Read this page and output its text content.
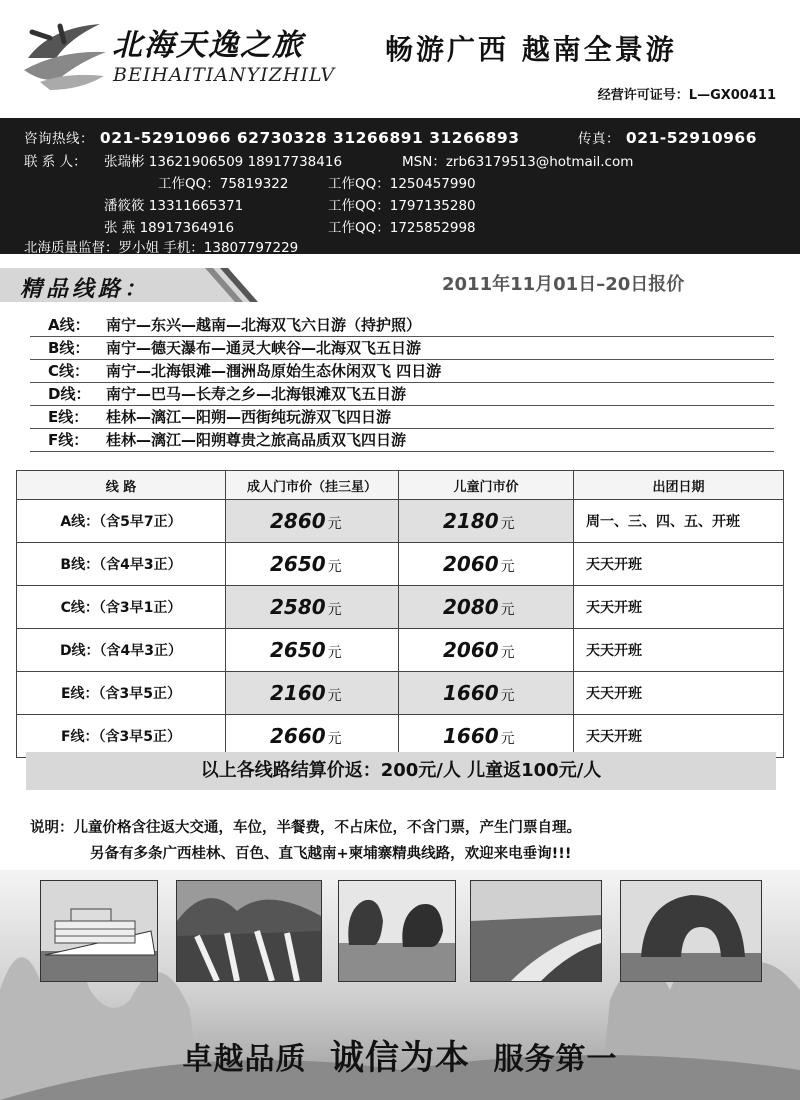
北海天逸之旅
BEIHAITIANYIZHILV
畅游广西 越南全景游
经营许可证号：L—GX00411
咨询热线： 021-52910966 62730328 31266891 31266893	传真： 021-52910966
联 系 人： 张瑞彬 13621906509 18917738416	MSN：zrb63179513@hotmail.com
工作QQ：75819322	工作QQ：1250457990
潘筱筱 13311665371	工作QQ：1797135280
张 燕 18917364916	工作QQ：1725852998
北海质量监督：罗小姐 手机：13807797229
精品线路：	2011年11月01日–20日报价
A线： 南宁—东兴—越南—北海双飞六日游（持护照）
B线： 南宁—德天瀑布—通灵大峡谷—北海双飞五日游
C线： 南宁—北海银滩—涠洲岛原始生态休闲双飞 四日游
D线： 南宁—巴马—长寿之乡—北海银滩双飞五日游
E线： 桂林—漓江—阳朔—西街纯玩游双飞四日游
F线： 桂林—漓江—阳朔尊贵之旅高品质双飞四日游
线 路	成人门市价（挂三星）	儿童门市价	出团日期
A线：（含5早7正）	2860 元	2180 元	周一、三、四、五、开班
B线：（含4早3正）	2650 元	2060 元	天天开班
C线：（含3早1正）	2580 元	2080 元	天天开班
D线：（含4早3正）	2650 元	2060 元	天天开班
E线：（含3早5正）	2160 元	1660 元	天天开班
F线：（含3早5正）	2660 元	1660 元	天天开班
以上各线路结算价返：200元/人 儿童返100元/人
说明：儿童价格含往返大交通，车位，半餐费，不占床位，不含门票，产生门票自理。
另备有多条广西桂林、百色、直飞越南+柬埔寨精典线路，欢迎来电垂询!!!
卓越品质 诚信为本 服务第一
